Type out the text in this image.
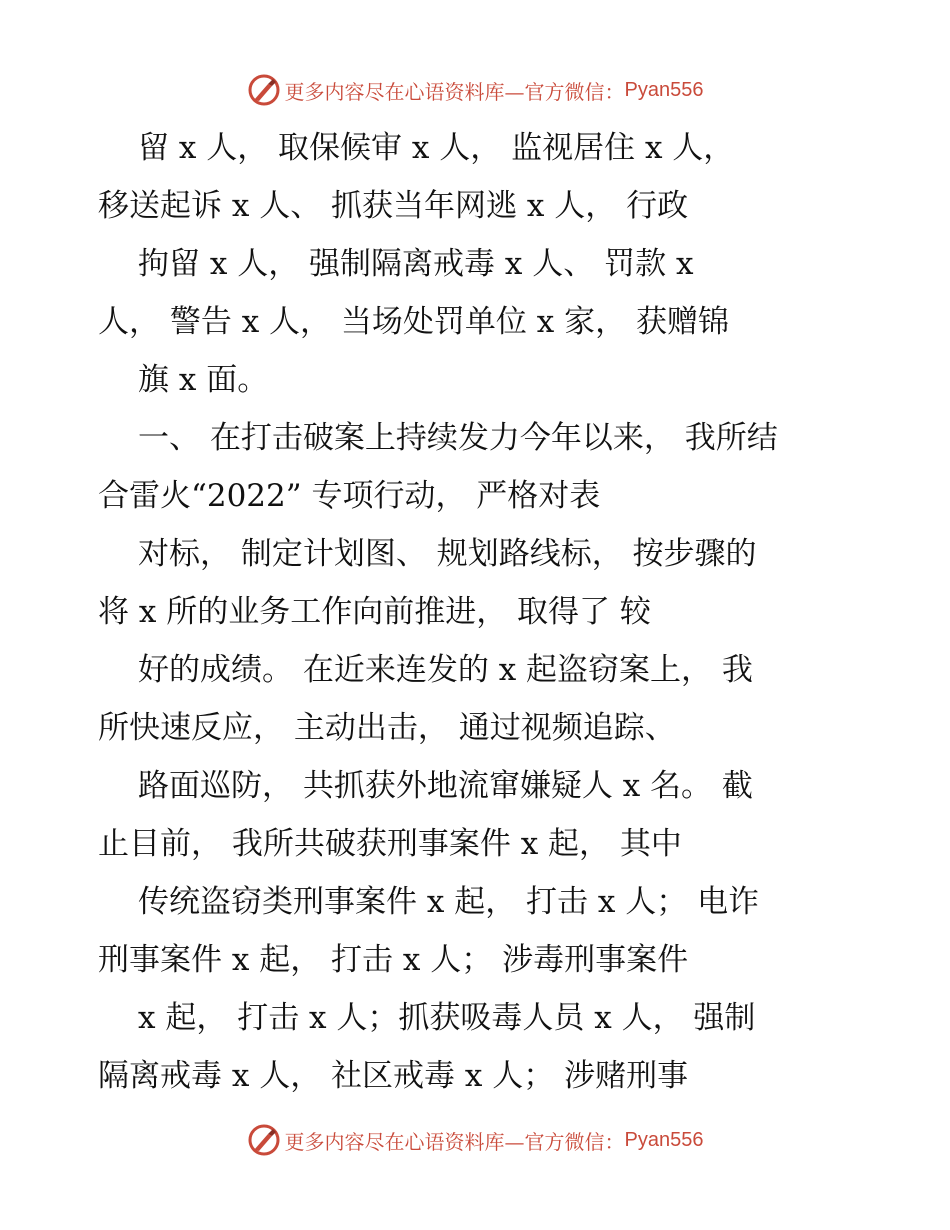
更多内容尽在心语资料库—官方微信： Pyan556
留 x 人， 取保候审 x 人， 监视居住 x 人，
移送起诉 x 人、 抓获当年网逃 x 人， 行政
拘留 x 人， 强制隔离戒毒 x 人、 罚款 x
人， 警告 x 人， 当场处罚单位 x 家， 获赠锦
旗 x 面。
一、 在打击破案上持续发力今年以来， 我所结
合雷火“2022” 专项行动， 严格对表
对标， 制定计划图、 规划路线标， 按步骤的
将 x 所的业务工作向前推进， 取得了 较
好的成绩。 在近来连发的 x 起盗窃案上， 我
所快速反应， 主动出击， 通过视频追踪、
路面巡防， 共抓获外地流窜嫌疑人 x 名。 截
止目前， 我所共破获刑事案件 x 起， 其中
传统盗窃类刑事案件 x 起， 打击 x 人； 电诈
刑事案件 x 起， 打击 x 人； 涉毒刑事案件
x 起， 打击 x 人；抓获吸毒人员 x 人， 强制
隔离戒毒 x 人， 社区戒毒 x 人； 涉赌刑事
更多内容尽在心语资料库—官方微信： Pyan556
